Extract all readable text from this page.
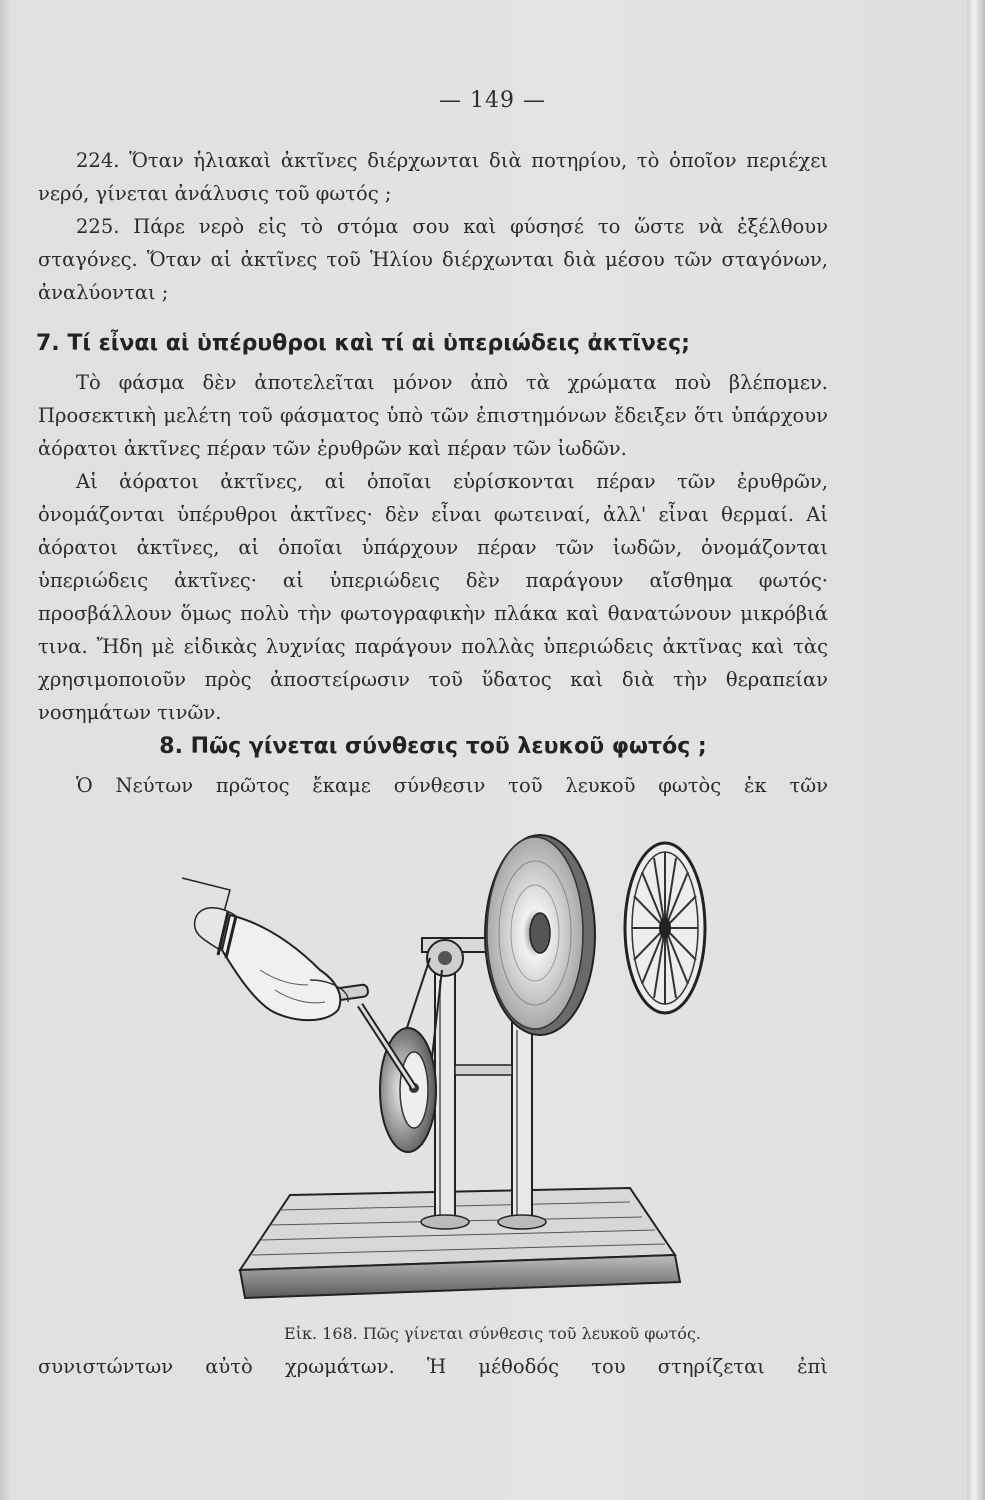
— 149 —

224. Ὅταν ἡλιακαὶ ἀκτῖνες διέρχωνται διὰ ποτηρίου, τὸ ὁποῖον περιέχει νερό, γίνεται ἀνάλυσις τοῦ φωτός ;

225. Πάρε νερὸ εἰς τὸ στόμα σου καὶ φύσησέ το ὥστε νὰ ἐξέλθουν σταγόνες. Ὅταν αἱ ἀκτῖνες τοῦ Ἡλίου διέρχωνται διὰ μέσου τῶν σταγόνων, ἀναλύονται ;

7. Τί εἶναι αἱ ὑπέρυθροι καὶ τί αἱ ὑπεριώδεις ἀκτῖνες;

Τὸ φάσμα δὲν ἀποτελεῖται μόνον ἀπὸ τὰ χρώματα ποὺ βλέπομεν. Προσεκτικὴ μελέτη τοῦ φάσματος ὑπὸ τῶν ἐπιστημόνων ἔδειξεν ὅτι ὑπάρχουν ἀόρατοι ἀκτῖνες πέραν τῶν ἐρυθρῶν καὶ πέραν τῶν ἰωδῶν.

Αἱ ἀόρατοι ἀκτῖνες, αἱ ὁποῖαι εὑρίσκονται πέραν τῶν ἐρυθρῶν, ὀνομάζονται ὑπέρυθροι ἀκτῖνες· δὲν εἶναι φωτειναί, ἀλλ' εἶναι θερμαί. Αἱ ἀόρατοι ἀκτῖνες, αἱ ὁποῖαι ὑπάρχουν πέραν τῶν ἰωδῶν, ὀνομάζονται ὑπεριώδεις ἀκτῖνες· αἱ ὑπεριώδεις δὲν παράγουν αἴσθημα φωτός· προσβάλλουν ὅμως πολὺ τὴν φωτογραφικὴν πλάκα καὶ θανατώνουν μικρόβιά τινα. Ἤδη μὲ εἰδικὰς λυχνίας παράγουν πολλὰς ὑπεριώδεις ἀκτῖνας καὶ τὰς χρησιμοποιοῦν πρὸς ἀποστείρωσιν τοῦ ὕδατος καὶ διὰ τὴν θεραπείαν νοσημάτων τινῶν.

8. Πῶς γίνεται σύνθεσις τοῦ λευκοῦ φωτός ;

Ὁ Νεύτων πρῶτος ἔκαμε σύνθεσιν τοῦ λευκοῦ φωτὸς ἐκ τῶν

Εἰκ. 168. Πῶς γίνεται σύνθεσις τοῦ λευκοῦ φωτός.
συνιστώντων αὐτὸ χρωμάτων. Ἡ μέθοδός του στηρίζεται ἐπὶ
